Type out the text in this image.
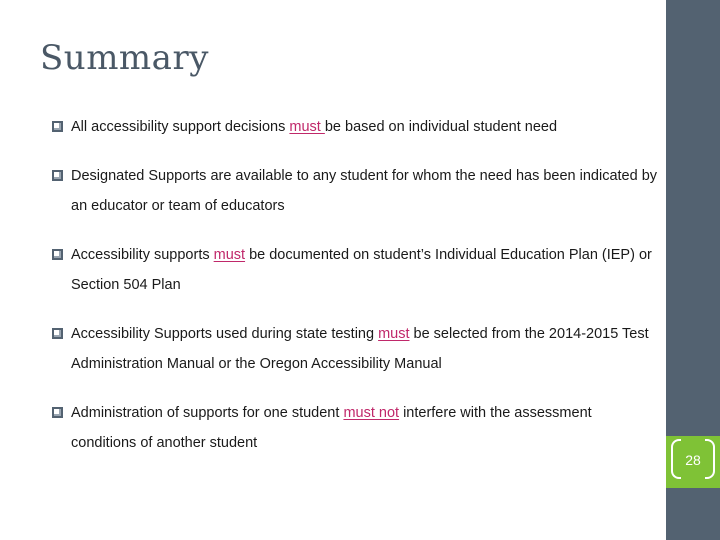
Summary
All accessibility support decisions must be based on individual student need
Designated Supports are available to any student for whom the need has been indicated by an educator or team of educators
Accessibility supports must be documented on student’s Individual Education Plan (IEP) or Section 504 Plan
Accessibility Supports used during state testing must be selected from the 2014-2015 Test Administration Manual or the Oregon Accessibility Manual
Administration of supports for one student must not interfere with the assessment conditions of another student
28
